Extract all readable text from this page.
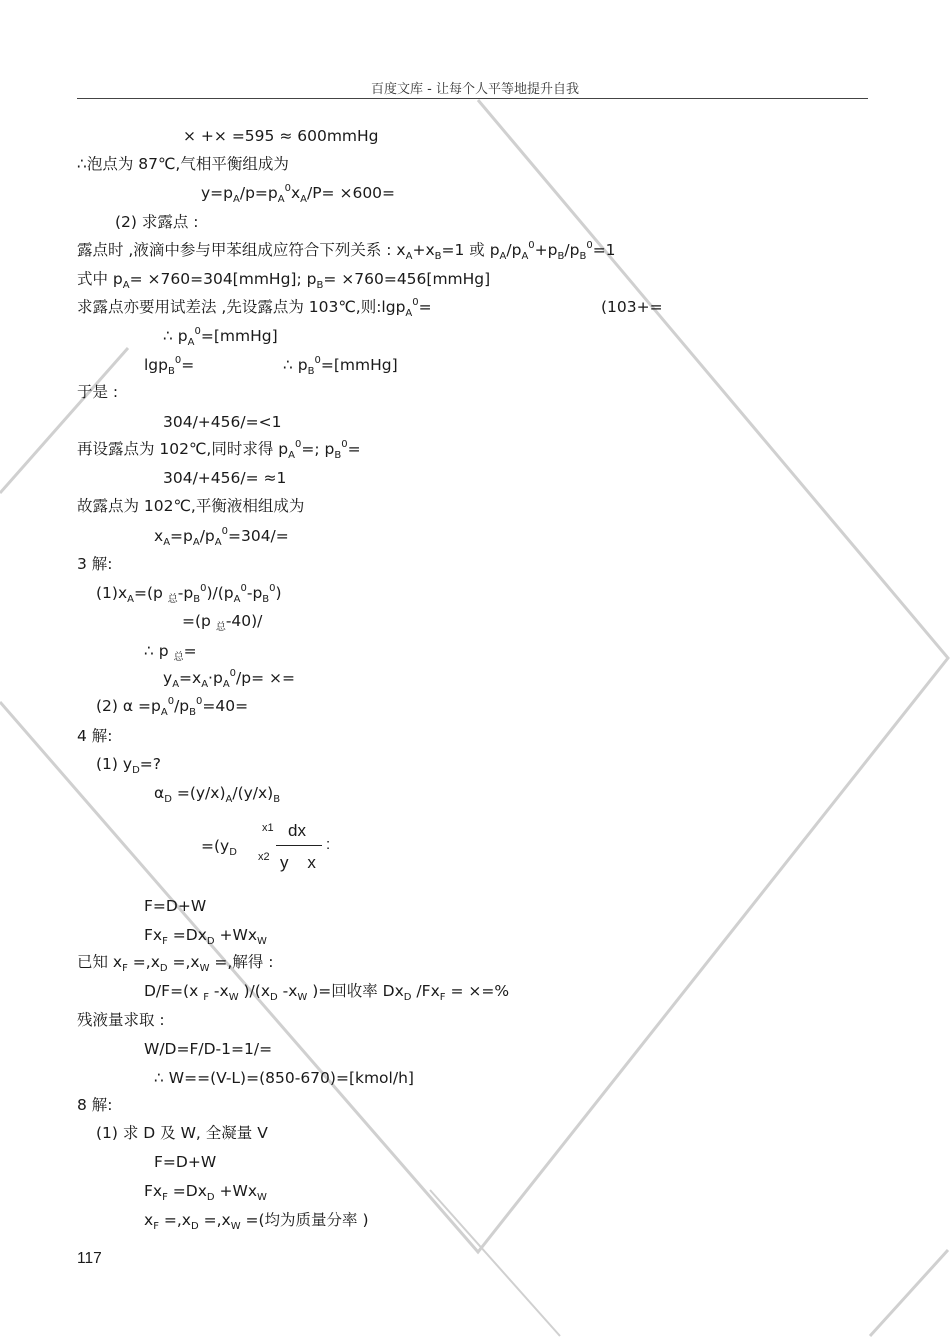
百度文库 - 让每个人平等地提升自我
× +× =595 ≈ 600mmHg
∴泡点为 87℃,气相平衡组成为
$y=p_A/p=p_A^0x_A/P= \times 600=$
(2) 求露点 :
露点时 ,液滴中参与甲苯组成应符合下列关系 : $x_A+x_B=1$ 或 $p_A/p_A^0+p_B/p_B^0=1$
式中 $p_A=$ ×760=304[mmHg]; $p_B=$ ×760=456[mmHg]
求露点亦要用试差法 ,先设露点为 103℃,则:lgp$_A^0$=	(103+=
∴ $p_A^0=[mmHg]$
lgp$_B^0$=	∴ $p_B^0=[mmHg]$
于是 :
304/+456/=<1
再设露点为 102℃,同时求得 $p_A^0=$; $p_B^0=$
304/+456/= ≈1
故露点为 102℃,平衡液相组成为
$x_A=p_A/p_A^0=304/=$
3 解:
$(1)x_A=(p$ $_总-p_B^0)/(p_A^0-p_B^0)$
=(p $_总$-40)/
∴ p $_总$=
$y_A=x_A\cdot p_A^0/p=$ ×=
(2) $\alpha =p_A^0/p_B^0=40=$
4 解:
(1) $y_D=$?
$\alpha_D =(y/x)_A/(y/x)_B$
$=(y_D$
F=D+W
$Fx_F =Dx_D +Wx_W$
已知 $x_F =,x_D =,x_W$ =,解得 :
D/F=(x $_F$ $-x_W$ )$/(x_D$ $-x_W$ )=回收率 $Dx_D$ $/Fx_F$ = ×=%
残液量求取 :
W/D=F/D-1=1/=
∴ W==(V-L)=(850-670)=[kmol/h]
8 解:
(1) 求 D 及 W, 全凝量 V
F=D+W
$Fx_F =Dx_D +Wx_W$
$x_F =,x_D =,x_W$ =(均为质量分率 )
x1
x2
dx
y    x
:
117
